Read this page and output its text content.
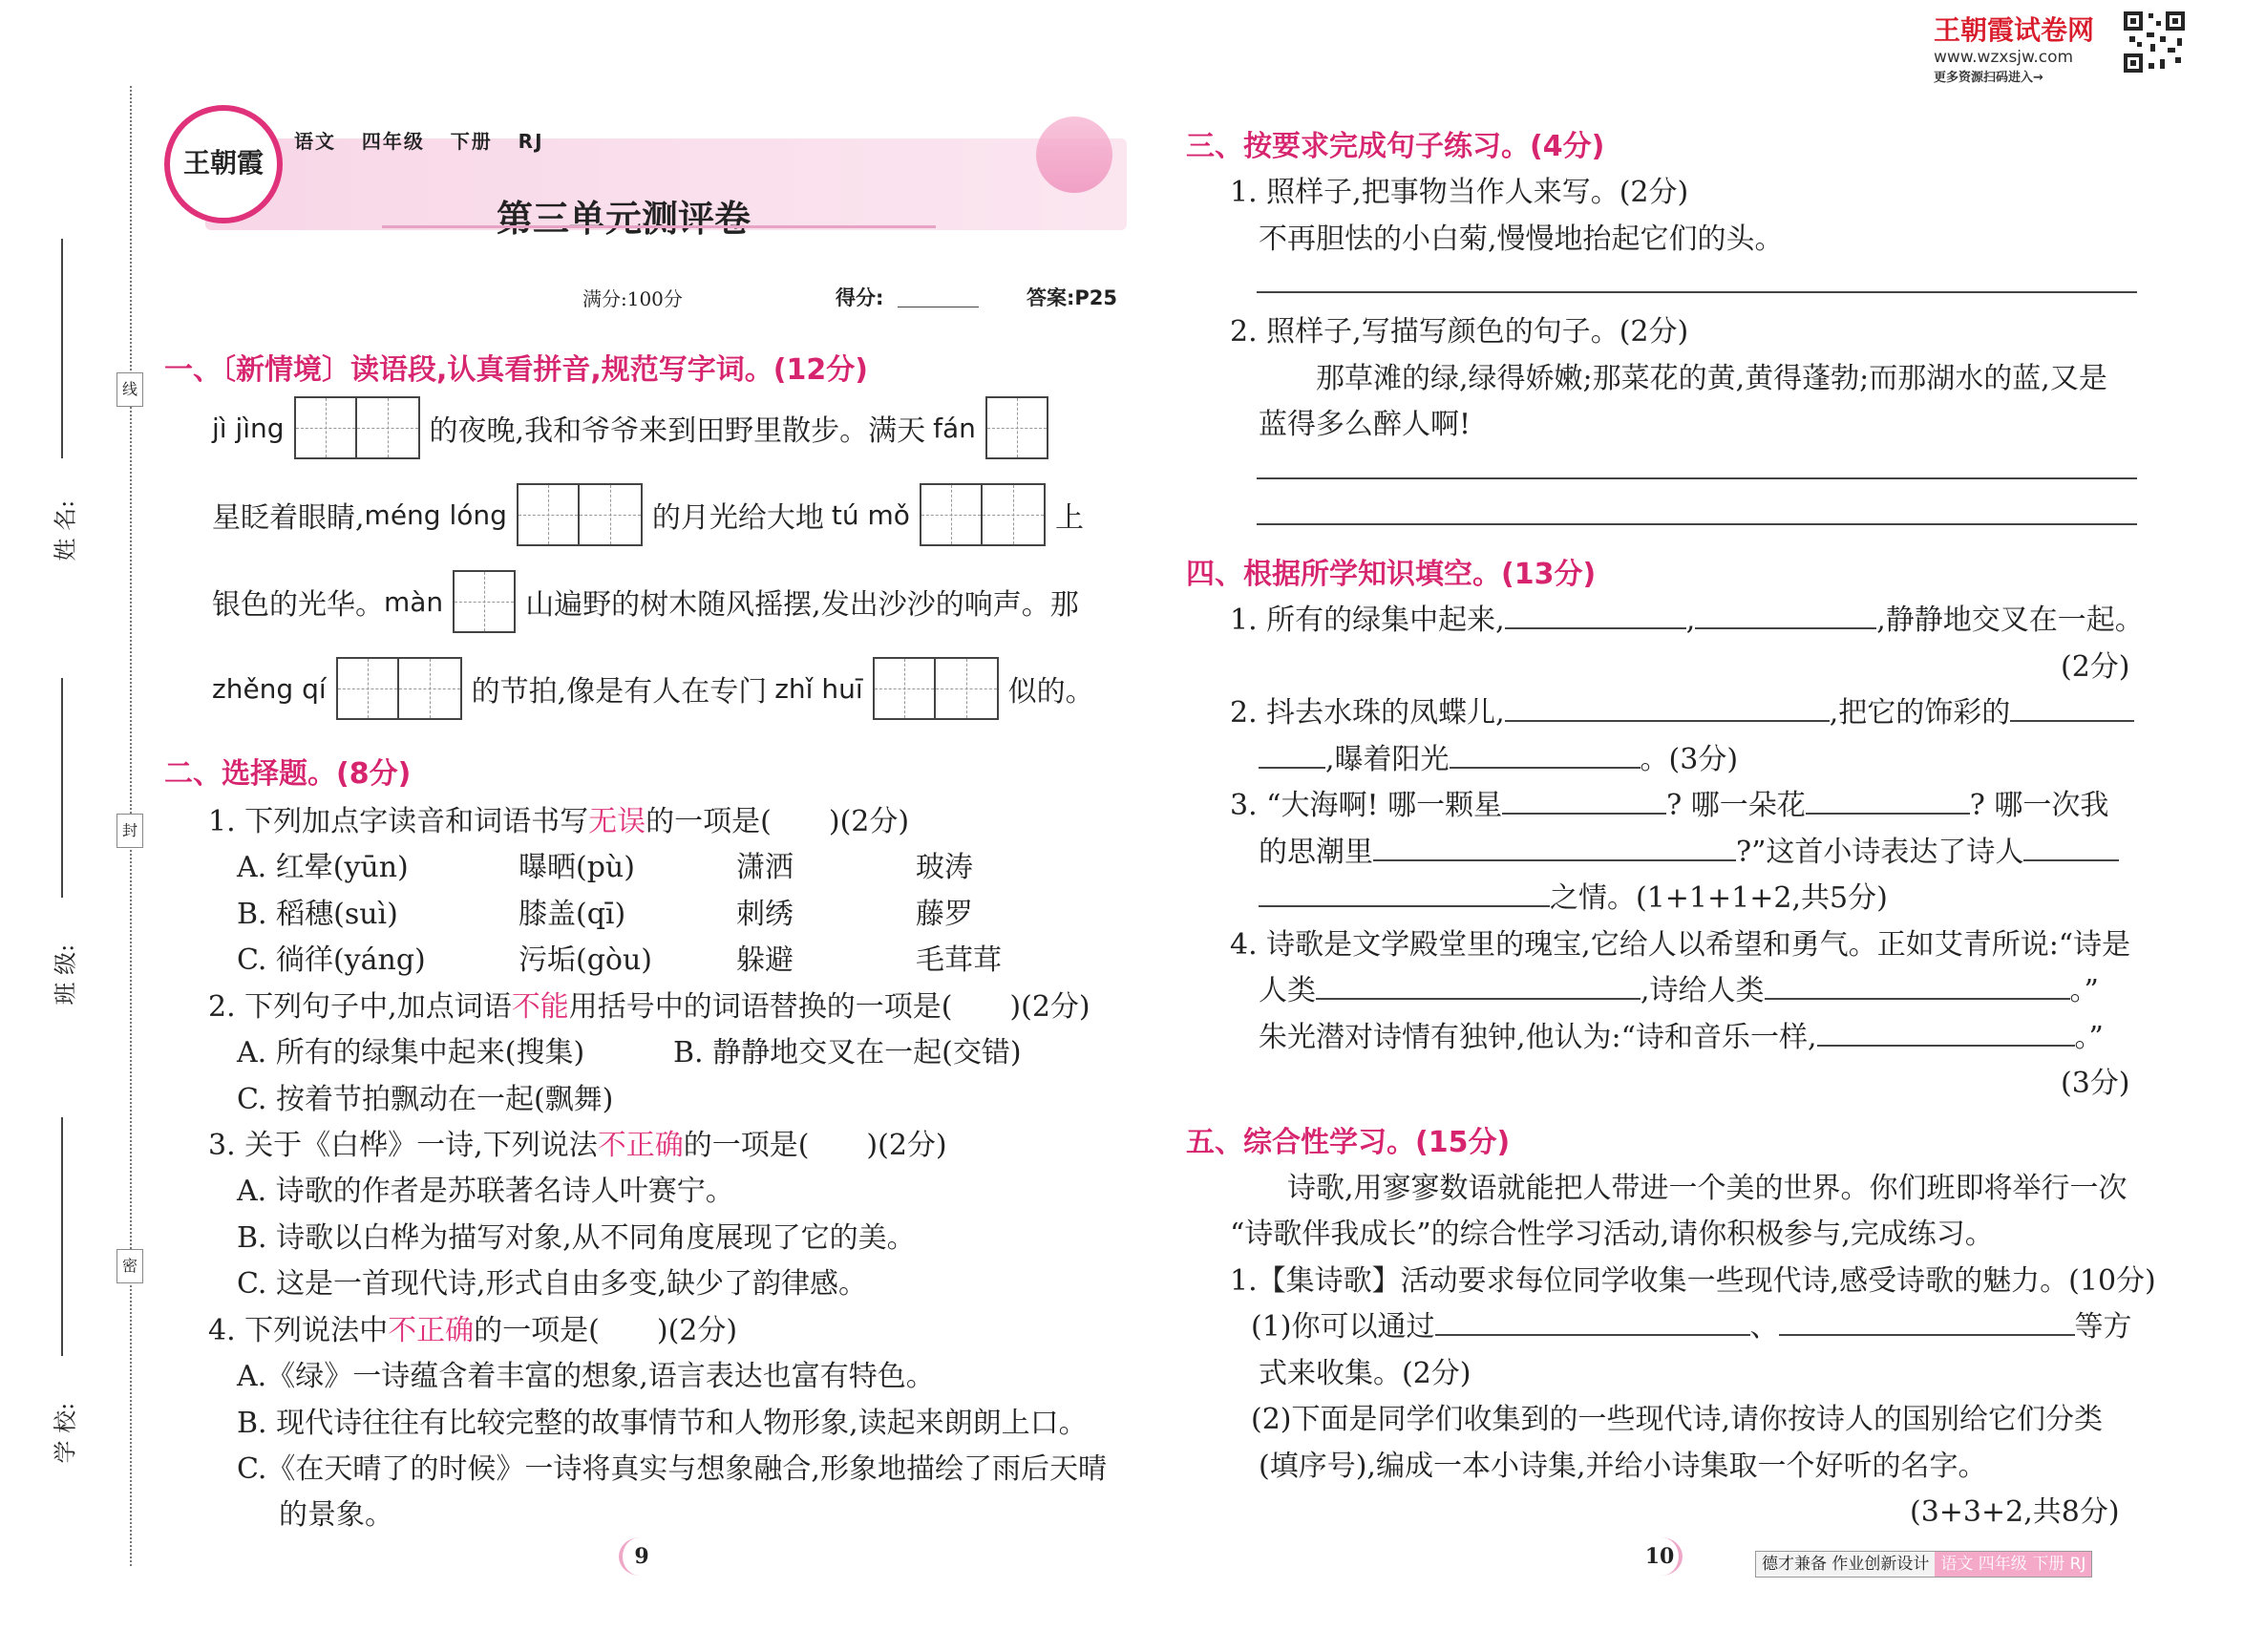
王朝霞试卷网
www.wzxsjw.com
更多资源扫码进入→
线
封
密
姓 名:
班 级:
学 校:
王朝霞
语文 四年级 下册 RJ
第三单元测评卷
满分:100分	得分:	答案:P25
一、〔新情境〕读语段,认真看拼音,规范写字词。(12分)
jì jìng	的夜晚,我和爷爷来到田野里散步。满天 fán
星眨着眼睛, méng lóng	的月光给大地 tú mǒ	上
银色的光华。 màn	山遍野的树木随风摇摆,发出沙沙的响声。那
zhěng qí	的节拍,像是有人在专门 zhǐ huī	似的。
二、选择题。(8分)
1. 下列加点字读音和词语书写无误的一项是(　　)(2分)
A. 红晕(yūn)	曝晒(pù)	潇洒	玻涛
B. 稻穗(suì)	膝盖(qī)	刺绣	藤罗
C. 徜徉(yáng)	污垢(gòu)	躲避	毛茸茸
2. 下列句子中,加点词语不能用括号中的词语替换的一项是(　　)(2分)
A. 所有的绿集中起来(搜集)	B. 静静地交叉在一起(交错)
C. 按着节拍飘动在一起(飘舞)
3. 关于《白桦》一诗,下列说法不正确的一项是(　　)(2分)
A. 诗歌的作者是苏联著名诗人叶赛宁。
B. 诗歌以白桦为描写对象,从不同角度展现了它的美。
C. 这是一首现代诗,形式自由多变,缺少了韵律感。
4. 下列说法中不正确的一项是(　　)(2分)
A.《绿》一诗蕴含着丰富的想象,语言表达也富有特色。
B. 现代诗往往有比较完整的故事情节和人物形象,读起来朗朗上口。
C.《在天晴了的时候》一诗将真实与想象融合,形象地描绘了雨后天晴
的景象。
9
三、按要求完成句子练习。(4分)
1. 照样子,把事物当作人来写。(2分)
不再胆怯的小白菊,慢慢地抬起它们的头。
2. 照样子,写描写颜色的句子。(2分)
那草滩的绿,绿得娇嫩;那菜花的黄,黄得蓬勃;而那湖水的蓝,又是
蓝得多么醉人啊!
四、根据所学知识填空。(13分)
1. 所有的绿集中起来,	,	,静静地交叉在一起。
(2分)
2. 抖去水珠的凤蝶儿,	,把它的饰彩的
,曝着阳光	。(3分)
3. “大海啊! 哪一颗星	? 哪一朵花	? 哪一次我
的思潮里	?”这首小诗表达了诗人
之情。(1+1+1+2,共5分)
4. 诗歌是文学殿堂里的瑰宝,它给人以希望和勇气。正如艾青所说:“诗是
人类	,诗给人类	。”
朱光潜对诗情有独钟,他认为:“诗和音乐一样,	。”
(3分)
五、综合性学习。(15分)
诗歌,用寥寥数语就能把人带进一个美的世界。你们班即将举行一次
“诗歌伴我成长”的综合性学习活动,请你积极参与,完成练习。
1.【集诗歌】活动要求每位同学收集一些现代诗,感受诗歌的魅力。(10分)
(1)你可以通过	、	等方
式来收集。(2分)
(2)下面是同学们收集到的一些现代诗,请你按诗人的国别给它们分类
(填序号),编成一本小诗集,并给小诗集取一个好听的名字。
(3+3+2,共8分)
10	德才兼备 作业创新设计 语文 四年级 下册 RJ
